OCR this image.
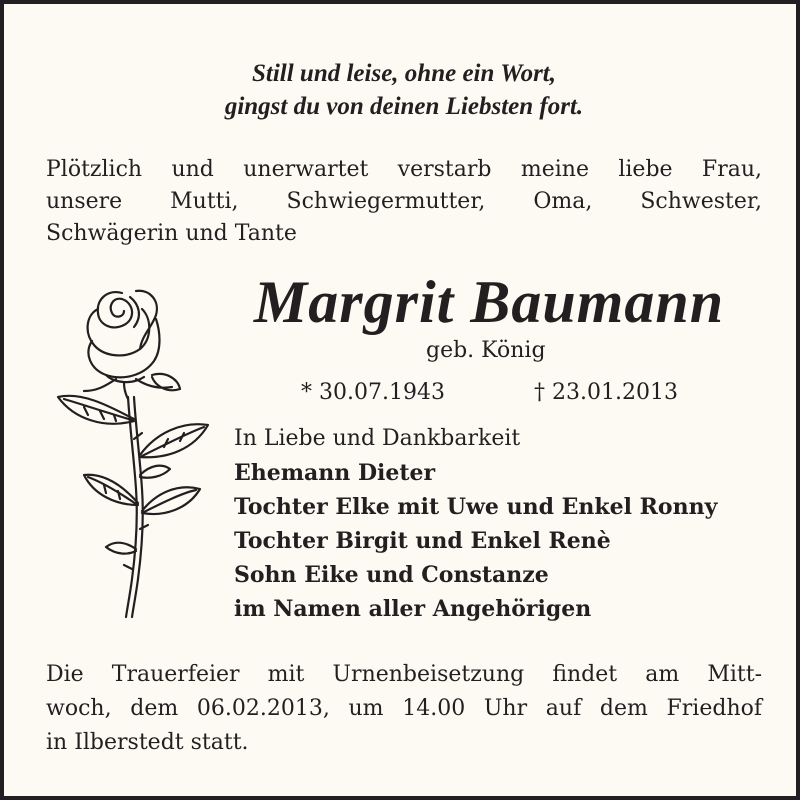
Still und leise, ohne ein Wort,
gingst du von deinen Liebsten fort.
Plötzlich und unerwartet verstarb meine liebe Frau,
unsere Mutti, Schwiegermutter, Oma, Schwester,
Schwägerin und Tante
Margrit Baumann
geb. König
* 30.07.1943	† 23.01.2013
In Liebe und Dankbarkeit
Ehemann Dieter
Tochter Elke mit Uwe und Enkel Ronny
Tochter Birgit und Enkel Renè
Sohn Eike und Constanze
im Namen aller Angehörigen
Die Trauerfeier mit Urnenbeisetzung findet am Mitt-
woch, dem 06.02.2013, um 14.00 Uhr auf dem Friedhof
in Ilberstedt statt.
